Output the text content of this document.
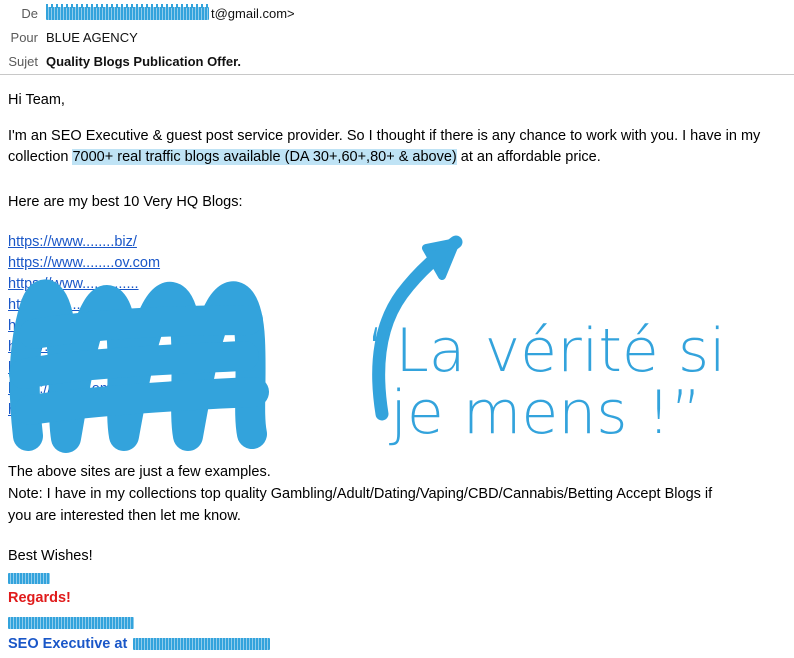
De	t@gmail.com>
Pour BLUE AGENCY
Sujet Quality Blogs Publication Offer.
Hi Team,
I'm an SEO Executive & guest post service provider. So I thought if there is any chance to work with you. I have in my collection 7000+ real traffic blogs available (DA 30+,60+,80+ & above) at an affordable price.
Here are my best 10 Very HQ Blogs:
https://www........biz/
https://www........ov.com
https://www..............
http://..................
https://................
http://.................
https://...............
https://..........om
https://.......x.c......
The above sites are just a few examples.
Note: I have in my collections top quality Gambling/Adult/Dating/Vaping/CBD/Cannabis/Betting Accept Blogs if
you are interested then let me know.
Best Wishes!
Regards!
SEO Executive at
“La vérité si
je mens !”
